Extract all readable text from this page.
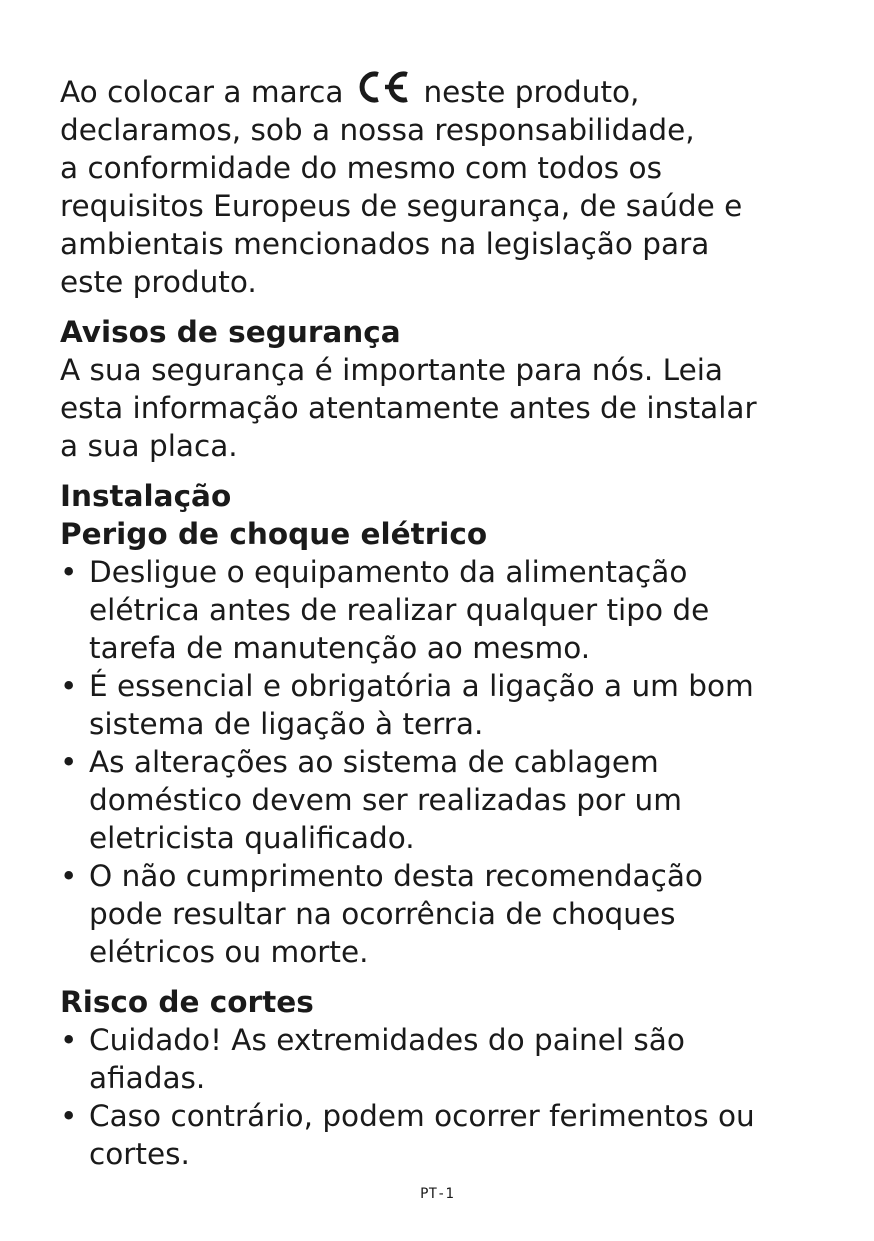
Ao colocar a marca	neste produto,
declaramos, sob a nossa responsabilidade,
a conformidade do mesmo com todos os
requisitos Europeus de segurança, de saúde e
ambientais mencionados na legislação para
este produto.

Avisos de segurança

A sua segurança é importante para nós. Leia
esta informação atentamente antes de instalar
a sua placa.

Instalação
Perigo de choque elétrico
• Desligue o equipamento da alimentação
elétrica antes de realizar qualquer tipo de
tarefa de manutenção ao mesmo.
• É essencial e obrigatória a ligação a um bom
sistema de ligação à terra.
• As alterações ao sistema de cablagem
doméstico devem ser realizadas por um
eletricista qualificado.
• O não cumprimento desta recomendação
pode resultar na ocorrência de choques
elétricos ou morte.
Risco de cortes
• Cuidado! As extremidades do painel são
afiadas.
• Caso contrário, podem ocorrer ferimentos ou
cortes.
PT-1
